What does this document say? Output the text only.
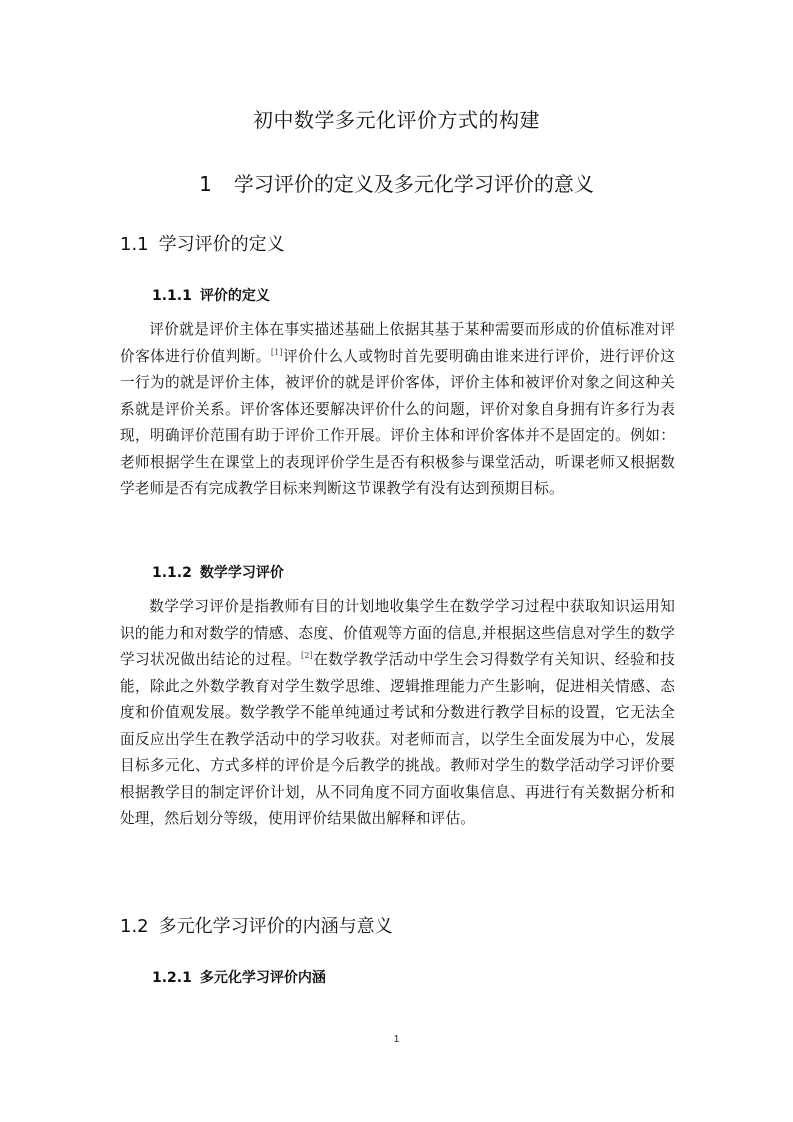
初中数学多元化评价方式的构建
1 学习评价的定义及多元化学习评价的意义
1.1 学习评价的定义
1.1.1 评价的定义

评价就是评价主体在事实描述基础上依据其基于某种需要而形成的价值标准对评价客体进行价值判断。[1]评价什么人或物时首先要明确由谁来进行评价，进行评价这一行为的就是评价主体，被评价的就是评价客体，评价主体和被评价对象之间这种关系就是评价关系。评价客体还要解决评价什么的问题，评价对象自身拥有许多行为表现，明确评价范围有助于评价工作开展。评价主体和评价客体并不是固定的。例如：老师根据学生在课堂上的表现评价学生是否有积极参与课堂活动，听课老师又根据数学老师是否有完成教学目标来判断这节课教学有没有达到预期目标。

1.1.2 数学学习评价

数学学习评价是指教师有目的计划地收集学生在数学学习过程中获取知识运用知识的能力和对数学的情感、态度、价值观等方面的信息,并根据这些信息对学生的数学学习状况做出结论的过程。[2]在数学教学活动中学生会习得数学有关知识、经验和技能，除此之外数学教育对学生数学思维、逻辑推理能力产生影响，促进相关情感、态度和价值观发展。数学教学不能单纯通过考试和分数进行教学目标的设置，它无法全面反应出学生在教学活动中的学习收获。对老师而言，以学生全面发展为中心，发展目标多元化、方式多样的评价是今后教学的挑战。教师对学生的数学活动学习评价要根据教学目的制定评价计划，从不同角度不同方面收集信息、再进行有关数据分析和处理，然后划分等级，使用评价结果做出解释和评估。

1.2 多元化学习评价的内涵与意义
1.2.1 多元化学习评价内涵
1
